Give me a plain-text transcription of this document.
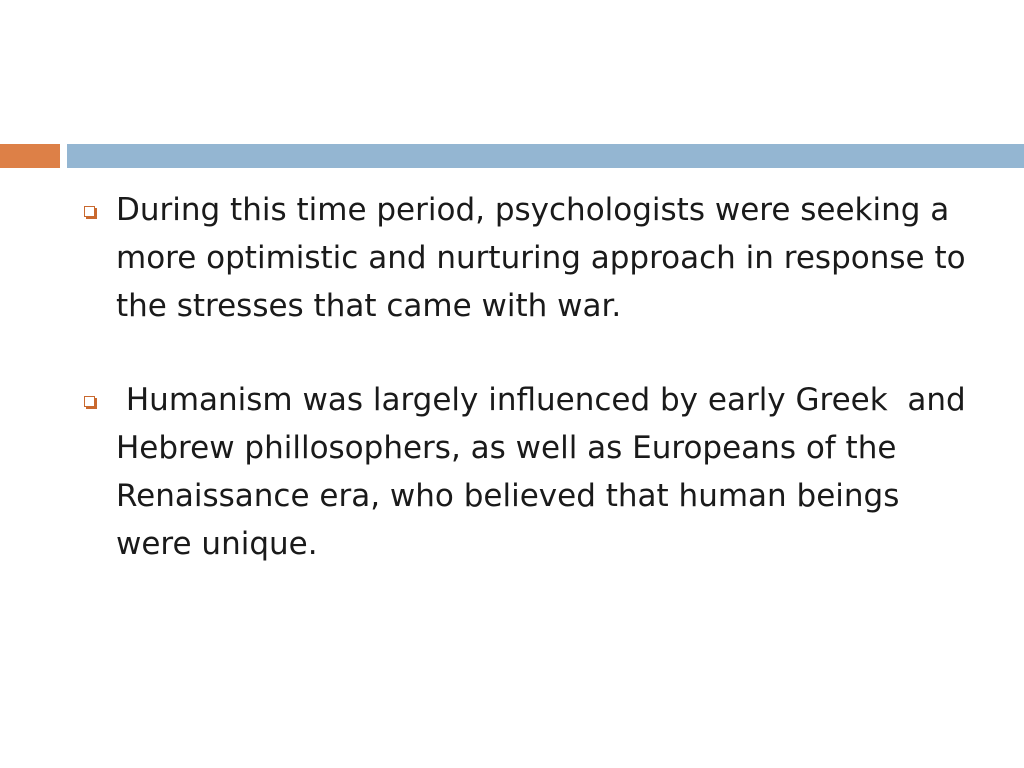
During this time period, psychologists were seeking a more optimistic and nurturing approach in response to the stresses that came with war.
Humanism was largely influenced by early Greek  and Hebrew phillosophers, as well as Europeans of the Renaissance era, who believed that human beings were unique.
